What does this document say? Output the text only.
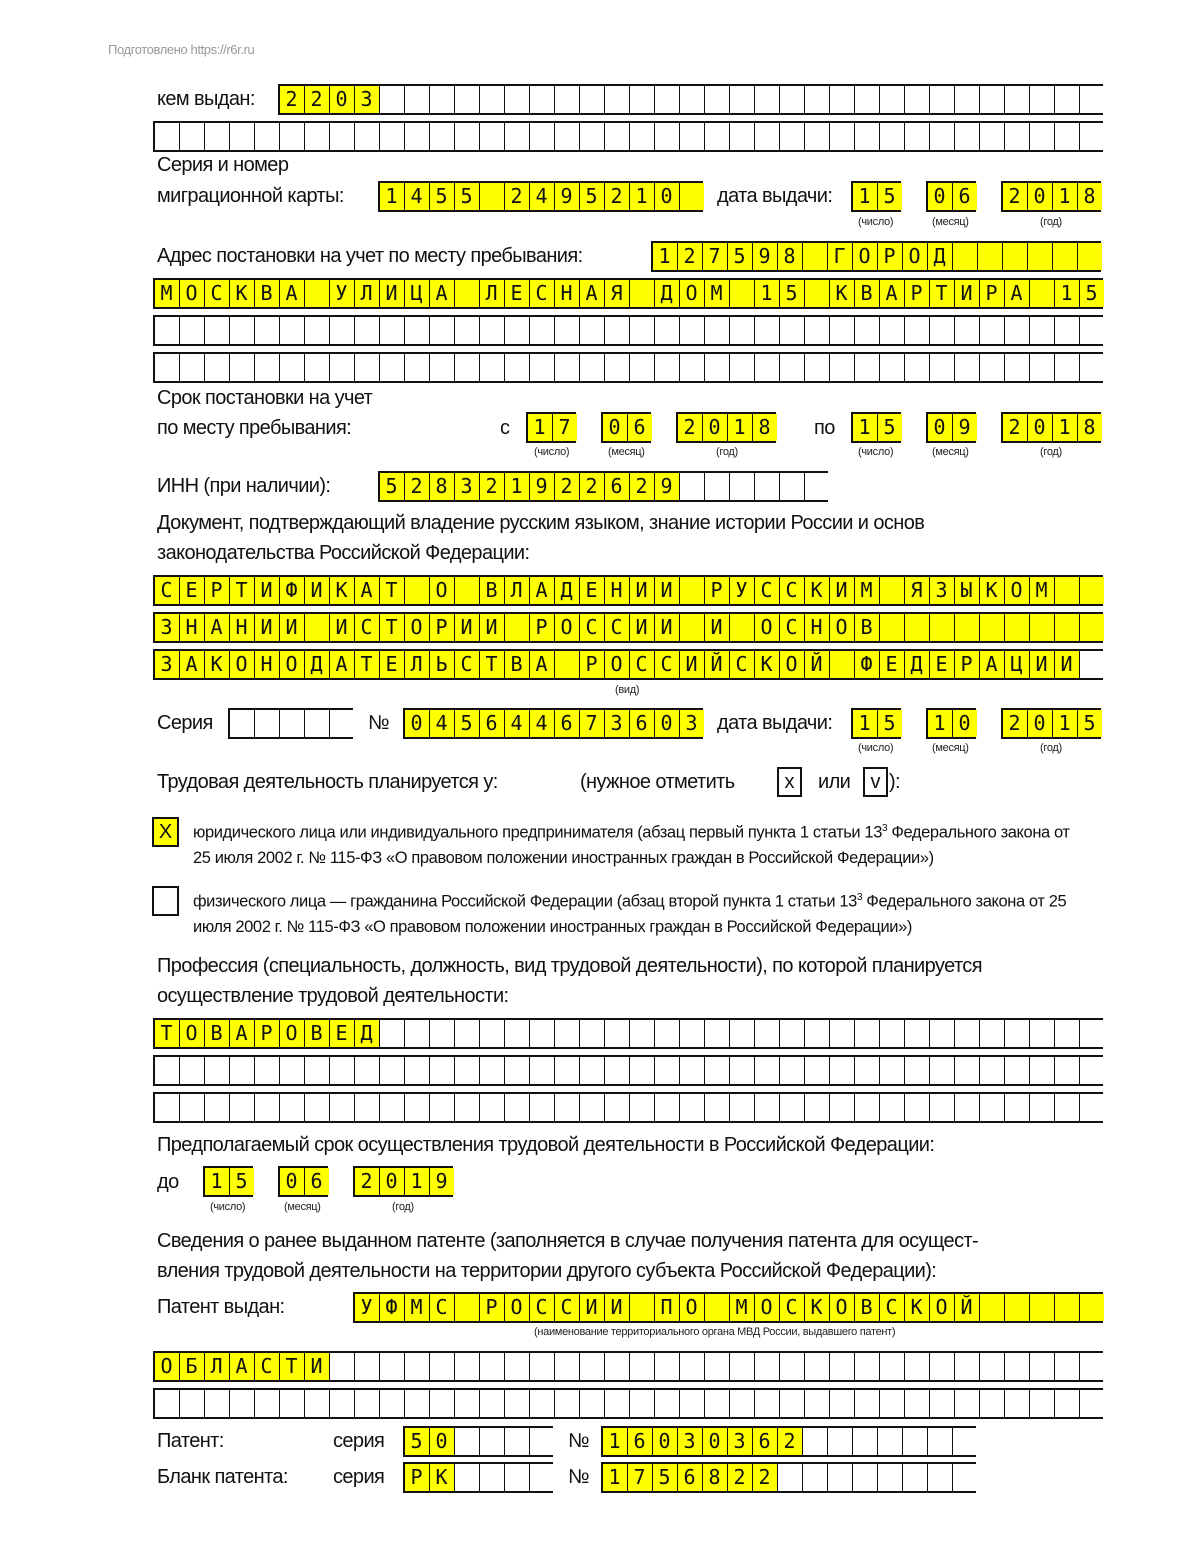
Подготовлено https://r6r.ru
кем выдан: 2203
Серия и номер
миграционной карты: 1455 2495210 дата выдачи: 15 06 2018
(число)	(месяц)	(год)
Адрес постановки на учет по месту пребывания:	127598 ГОРОД
МОСКВА УЛИЦА ЛЕСНАЯ ДОМ 15 КВАРТИРА 15
Срок постановки на учет
по месту пребывания:	с 17 06 2018 по 15 09 2018
(число)	(месяц)	(год)	(число)	(месяц)	(год)
ИНН (при наличии):	528321922629
Документ, подтверждающий владение русским языком, знание истории России и основ
законодательства Российской Федерации:
СЕРТИФИКАТ О ВЛАДЕНИИ РУССКИМ ЯЗЫКОМ
ЗНАНИИ ИСТОРИИ РОССИИ И ОСНОВ
ЗАКОНОДАТЕЛЬСТВА РОССИЙСКОЙ ФЕДЕРАЦИИ
(вид)
Серия	№ 045644673603 дата выдачи: 15 10 2015
(число)	(месяц)	(год)
Трудовая деятельность планируется у:	(нужное отметить	x	или	v ):
Х	юридического лица или индивидуального предпринимателя (абзац первый пункта 1 статьи $13^3$ Федерального закона от
25 июля 2002 г. № 115-ФЗ «О правовом положении иностранных граждан в Российской Федерации»)
физического лица — гражданина Российской Федерации (абзац второй пункта 1 статьи $13^3$ Федерального закона от 25
июля 2002 г. № 115-ФЗ «О правовом положении иностранных граждан в Российской Федерации»)
Профессия (специальность, должность, вид трудовой деятельности), по которой планируется
осуществление трудовой деятельности:
ТОВАРОВЕД
Предполагаемый срок осуществления трудовой деятельности в Российской Федерации:
до 15 06 2019
(число)	(месяц)	(год)
Сведения о ранее выданном патенте (заполняется в случае получения патента для осущест-
вления трудовой деятельности на территории другого субъекта Российской Федерации):
Патент выдан:	УФМС РОССИИ ПО МОСКОВСКОЙ
(наименование территориального органа МВД России, выдавшего патент)
ОБЛАСТИ
Патент:	серия 50	№ 16030362
Бланк патента: серия РК	№ 1756822
